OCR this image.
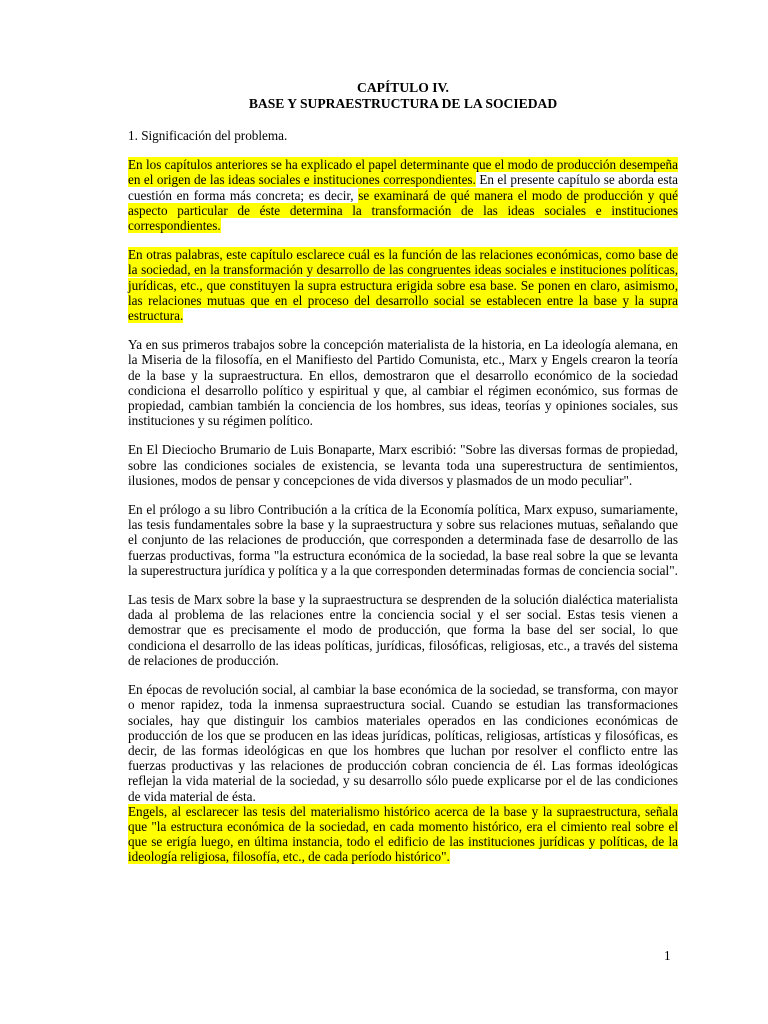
CAPÍTULO IV.
BASE Y SUPRAESTRUCTURA DE LA SOCIEDAD
1. Significación del problema.

En los capítulos anteriores se ha explicado el papel determinante que el modo de producción desempeña en el origen de las ideas sociales e instituciones correspondientes. En el presente capítulo se aborda esta cuestión en forma más concreta; es decir, se examinará de qué manera el modo de producción y qué aspecto particular de éste determina la transformación de las ideas sociales e instituciones correspondientes.

En otras palabras, este capítulo esclarece cuál es la función de las relaciones económicas, como base de la sociedad, en la transformación y desarrollo de las congruentes ideas sociales e instituciones políticas, jurídicas, etc., que constituyen la supra estructura erigida sobre esa base. Se ponen en claro, asimismo, las relaciones mutuas que en el proceso del desarrollo social se establecen entre la base y la supra estructura.

Ya en sus primeros trabajos sobre la concepción materialista de la historia, en La ideología alemana, en la Miseria de la filosofía, en el Manifiesto del Partido Comunista, etc., Marx y Engels crearon la teoría de la base y la supraestructura. En ellos, demostraron que el desarrollo económico de la sociedad condiciona el desarrollo político y espiritual y que, al cambiar el régimen económico, sus formas de propiedad, cambian también la conciencia de los hombres, sus ideas, teorías y opiniones sociales, sus instituciones y su régimen político.

En El Dieciocho Brumario de Luis Bonaparte, Marx escribió: "Sobre las diversas formas de propiedad, sobre las condiciones sociales de existencia, se levanta toda una superestructura de sentimientos, ilusiones, modos de pensar y concepciones de vida diversos y plasmados de un modo peculiar".

En el prólogo a su libro Contribución a la crítica de la Economía política, Marx expuso, sumariamente, las tesis fundamentales sobre la base y la supraestructura y sobre sus relaciones mutuas, señalando que el conjunto de las relaciones de producción, que corresponden a determinada fase de desarrollo de las fuerzas productivas, forma "la estructura económica de la sociedad, la base real sobre la que se levanta la superestructura jurídica y política y a la que corresponden determinadas formas de conciencia social".

Las tesis de Marx sobre la base y la supraestructura se desprenden de la solución dialéctica materialista dada al problema de las relaciones entre la conciencia social y el ser social. Estas tesis vienen a demostrar que es precisamente el modo de producción, que forma la base del ser social, lo que condiciona el desarrollo de las ideas políticas, jurídicas, filosóficas, religiosas, etc., a través del sistema de relaciones de producción.

En épocas de revolución social, al cambiar la base económica de la sociedad, se transforma, con mayor o menor rapidez, toda la inmensa supraestructura social. Cuando se estudian las transformaciones sociales, hay que distinguir los cambios materiales operados en las condiciones económicas de producción de los que se producen en las ideas jurídicas, políticas, religiosas, artísticas y filosóficas, es decir, de las formas ideológicas en que los hombres que luchan por resolver el conflicto entre las fuerzas productivas y las relaciones de producción cobran conciencia de él. Las formas ideológicas reflejan la vida material de la sociedad, y su desarrollo sólo puede explicarse por el de las condiciones de vida material de ésta.

Engels, al esclarecer las tesis del materialismo histórico acerca de la base y la supraestructura, señala que "la estructura económica de la sociedad, en cada momento histórico, era el cimiento real sobre el que se erigía luego, en última instancia, todo el edificio de las instituciones jurídicas y políticas, de la ideología religiosa, filosofía, etc., de cada período histórico".

1
